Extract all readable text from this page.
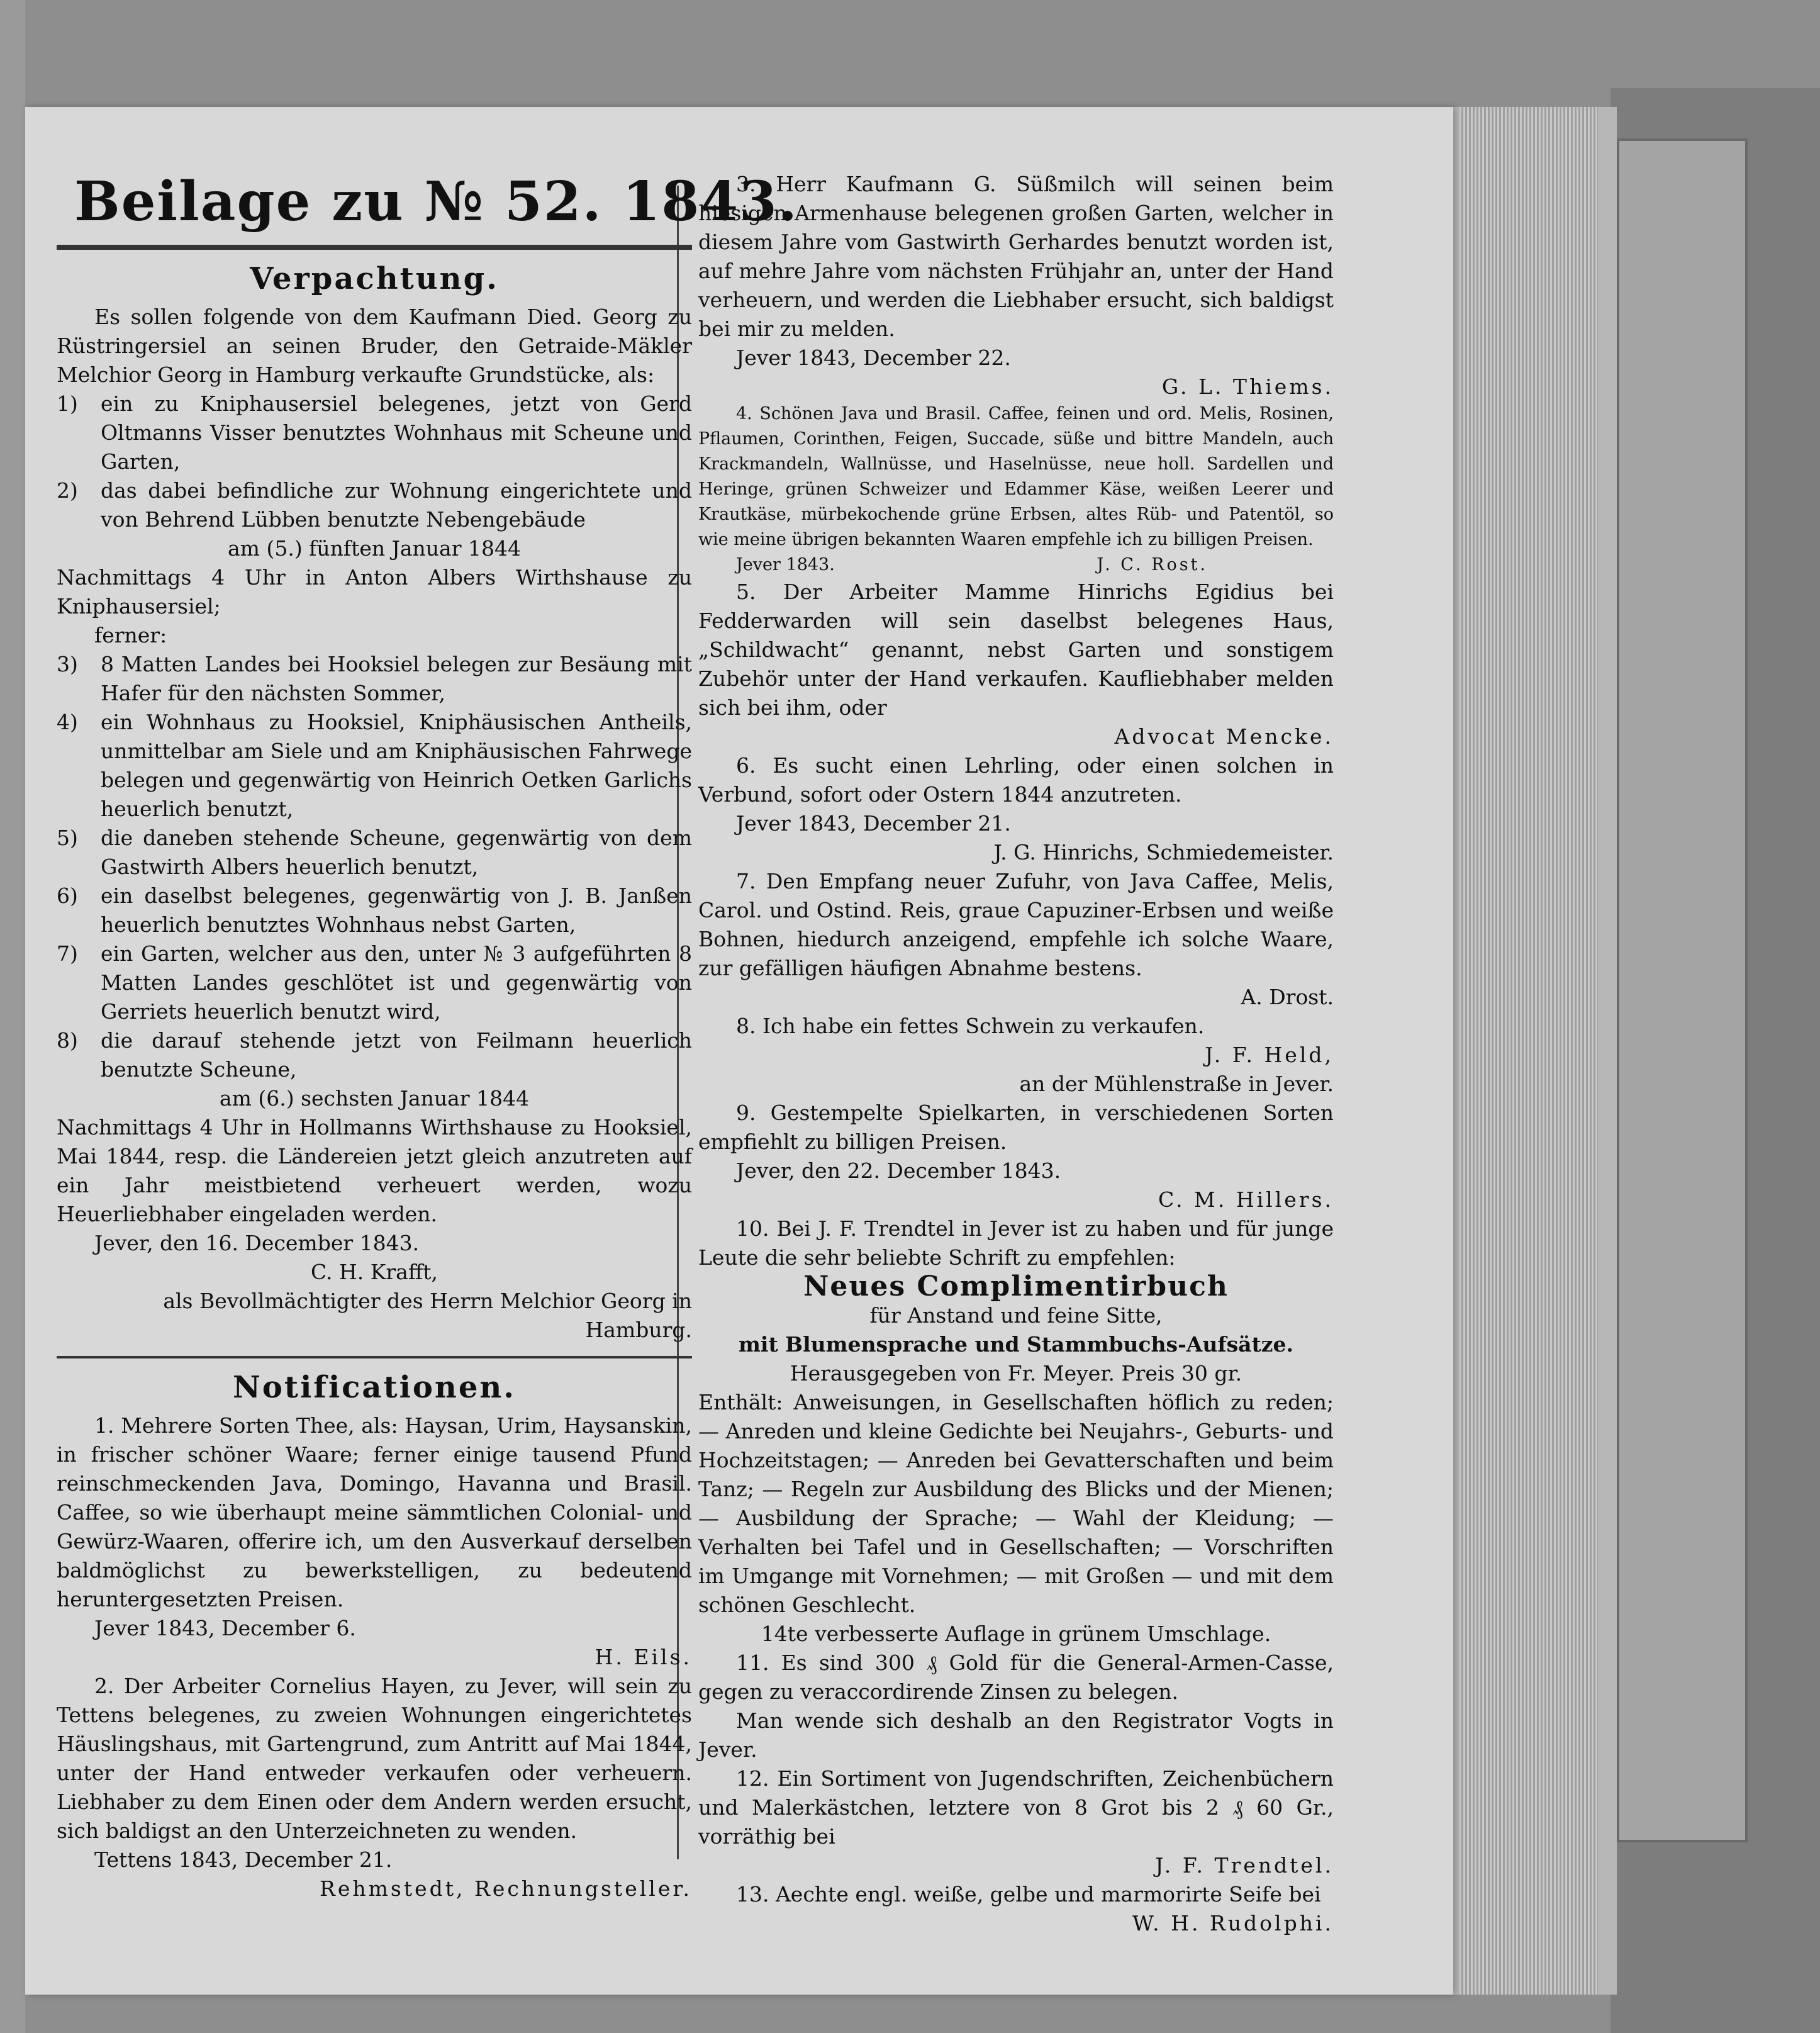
Beilage zu № 52. 1843.
Verpachtung.

Es sollen folgende von dem Kaufmann Died. Georg zu Rüstringersiel an seinen Bruder, den Getraide-Mäkler Melchior Georg in Hamburg verkaufte Grundstücke, als:

1)	ein zu Kniphausersiel belegenes, jetzt von Gerd Oltmanns Visser benutztes Wohnhaus mit Scheune und Garten,
2)	das dabei befindliche zur Wohnung eingerichtete und von Behrend Lübben benutzte Nebengebäude

am (5.) fünften Januar 1844

Nachmittags 4 Uhr in Anton Albers Wirthshause zu Kniphausersiel;

ferner:

3)	8 Matten Landes bei Hooksiel belegen zur Besäung mit Hafer für den nächsten Sommer,
4)	ein Wohnhaus zu Hooksiel, Kniphäusischen Antheils, unmittelbar am Siele und am Kniphäusischen Fahrwege belegen und gegenwärtig von Heinrich Oetken Garlichs heuerlich benutzt,
5)	die daneben stehende Scheune, gegenwärtig von dem Gastwirth Albers heuerlich benutzt,
6)	ein daselbst belegenes, gegenwärtig von J. B. Janßen heuerlich benutztes Wohnhaus nebst Garten,
7)	ein Garten, welcher aus den, unter № 3 aufgeführten 8 Matten Landes geschlötet ist und gegenwärtig von Gerriets heuerlich benutzt wird,
8)	die darauf stehende jetzt von Feilmann heuerlich benutzte Scheune,

am (6.) sechsten Januar 1844

Nachmittags 4 Uhr in Hollmanns Wirthshause zu Hooksiel, Mai 1844, resp. die Ländereien jetzt gleich anzutreten auf ein Jahr meistbietend verheuert werden, wozu Heuerliebhaber eingeladen werden.

Jever, den 16. December 1843.

C. H. Krafft,

als Bevollmächtigter des Herrn Melchior Georg in Hamburg.

Notificationen.

1. Mehrere Sorten Thee, als: Haysan, Urim, Haysanskin, in frischer schöner Waare; ferner einige tausend Pfund reinschmeckenden Java, Domingo, Havanna und Brasil. Caffee, so wie überhaupt meine sämmtlichen Colonial- und Gewürz-Waaren, offerire ich, um den Ausverkauf derselben baldmöglichst zu bewerkstelligen, zu bedeutend heruntergesetzten Preisen.

Jever 1843, December 6.

H. Eils.

2. Der Arbeiter Cornelius Hayen, zu Jever, will sein zu Tettens belegenes, zu zweien Wohnungen eingerichtetes Häuslingshaus, mit Gartengrund, zum Antritt auf Mai 1844, unter der Hand entweder verkaufen oder verheuern. Liebhaber zu dem Einen oder dem Andern werden ersucht, sich baldigst an den Unterzeichneten zu wenden.

Tettens 1843, December 21.

Rehmstedt, Rechnungsteller.

3. Herr Kaufmann G. Süßmilch will seinen beim hiesigen Armenhause belegenen großen Garten, welcher in diesem Jahre vom Gastwirth Gerhardes benutzt worden ist, auf mehre Jahre vom nächsten Frühjahr an, unter der Hand verheuern, und werden die Liebhaber ersucht, sich baldigst bei mir zu melden.

Jever 1843, December 22.

G. L. Thiems.

4. Schönen Java und Brasil. Caffee, feinen und ord. Melis, Rosinen, Pflaumen, Corinthen, Feigen, Succade, süße und bittre Mandeln, auch Krackmandeln, Wallnüsse, und Haselnüsse, neue holl. Sardellen und Heringe, grünen Schweizer und Edammer Käse, weißen Leerer und Krautkäse, mürbekochende grüne Erbsen, altes Rüb- und Patentöl, so wie meine übrigen bekannten Waaren empfehle ich zu billigen Preisen.

Jever 1843.	J. C. Rost.

5. Der Arbeiter Mamme Hinrichs Egidius bei Fedderwarden will sein daselbst belegenes Haus, „Schildwacht“ genannt, nebst Garten und sonstigem Zubehör unter der Hand verkaufen. Kaufliebhaber melden sich bei ihm, oder

Advocat Mencke.

6. Es sucht einen Lehrling, oder einen solchen in Verbund, sofort oder Ostern 1844 anzutreten.

Jever 1843, December 21.

J. G. Hinrichs, Schmiedemeister.

7. Den Empfang neuer Zufuhr, von Java Caffee, Melis, Carol. und Ostind. Reis, graue Capuziner-Erbsen und weiße Bohnen, hiedurch anzeigend, empfehle ich solche Waare, zur gefälligen häufigen Abnahme bestens.

A. Drost.

8. Ich habe ein fettes Schwein zu verkaufen.

J. F. Held,

an der Mühlenstraße in Jever.

9. Gestempelte Spielkarten, in verschiedenen Sorten empfiehlt zu billigen Preisen.

Jever, den 22. December 1843.

C. M. Hillers.

10. Bei J. F. Trendtel in Jever ist zu haben und für junge Leute die sehr beliebte Schrift zu empfehlen:

Neues Complimentirbuch

für Anstand und feine Sitte,

mit Blumensprache und Stammbuchs-Aufsätze.

Herausgegeben von Fr. Meyer. Preis 30 gr.

Enthält: Anweisungen, in Gesellschaften höflich zu reden; — Anreden und kleine Gedichte bei Neujahrs-, Geburts- und Hochzeitstagen; — Anreden bei Gevatterschaften und beim Tanz; — Regeln zur Ausbildung des Blicks und der Mienen; — Ausbildung der Sprache; — Wahl der Kleidung; — Verhalten bei Tafel und in Gesellschaften; — Vorschriften im Umgange mit Vornehmen; — mit Großen — und mit dem schönen Geschlecht.

14te verbesserte Auflage in grünem Umschlage.

11. Es sind 300 ₰ Gold für die General-Armen-Casse, gegen zu veraccordirende Zinsen zu belegen.

Man wende sich deshalb an den Registrator Vogts in Jever.

12. Ein Sortiment von Jugendschriften, Zeichenbüchern und Malerkästchen, letztere von 8 Grot bis 2 ₰ 60 Gr., vorräthig bei

J. F. Trendtel.

13. Aechte engl. weiße, gelbe und marmorirte Seife bei

W. H. Rudolphi.
